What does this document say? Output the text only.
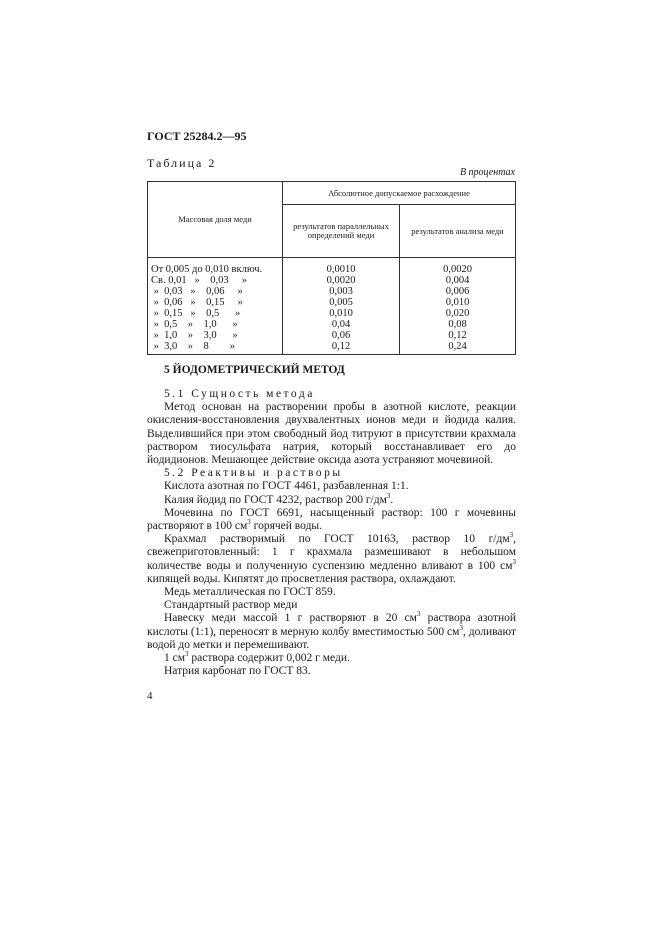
ГОСТ 25284.2—95
Таблица 2
В процентах
Массовая доля меди	Абсолютное допускаемое расхождение	
	результатов параллельных определений меди	результатов анализа меди
От 0,005 до 0,010 включ.	0,0010	0,0020
Св. 0,01   »    0,03     »	0,0020	0,004
»  0,03   »    0,06     »	0,003	0,006
»  0,06   »    0,15     »	0,005	0,010
»  0,15   »    0,5      »	0,010	0,020
»  0,5    »    1,0      »	0,04	0,08
»  1,0    »    3,0      »	0,06	0,12
»  3,0    »    8        »	0,12	0,24
5 ЙОДОМЕТРИЧЕСКИЙ МЕТОД

5.1 Сущность метода

Метод основан на растворении пробы в азотной кислоте, реакции окисления-восстановления двухвалентных ионов меди и йодида калия. Выделившийся при этом свободный йод титруют в присутствии крахмала раствором тиосульфата натрия, который восстанавливает его до йодидионов. Мешающее действие оксида азота устраняют мочевиной.

5.2 Реактивы и растворы

Кислота азотная по ГОСТ 4461, разбавленная 1:1.

Калия йодид по ГОСТ 4232, раствор 200 $г/дм^3$.

Мочевина по ГОСТ 6691, насыщенный раствор: 100 г мочевины растворяют в 100 $см^3$ горячей воды.

Крахмал растворимый по ГОСТ 10163, раствор 10 $г/дм^3$, свежеприготовленный: 1 г крахмала размешивают в небольшом количестве воды и полученную суспензию медленно вливают в 100 $см^3$ кипящей воды. Кипятят до просветления раствора, охлаждают.

Медь металлическая по ГОСТ 859.

Стандартный раствор меди

Навеску меди массой 1 г растворяют в 20 $см^3$ раствора азотной кислоты (1:1), переносят в мерную колбу вместимостью 500 $см^3$, доливают водой до метки и перемешивают.

1 $см^3$ раствора содержит 0,002 г меди.

Натрия карбонат по ГОСТ 83.

4
